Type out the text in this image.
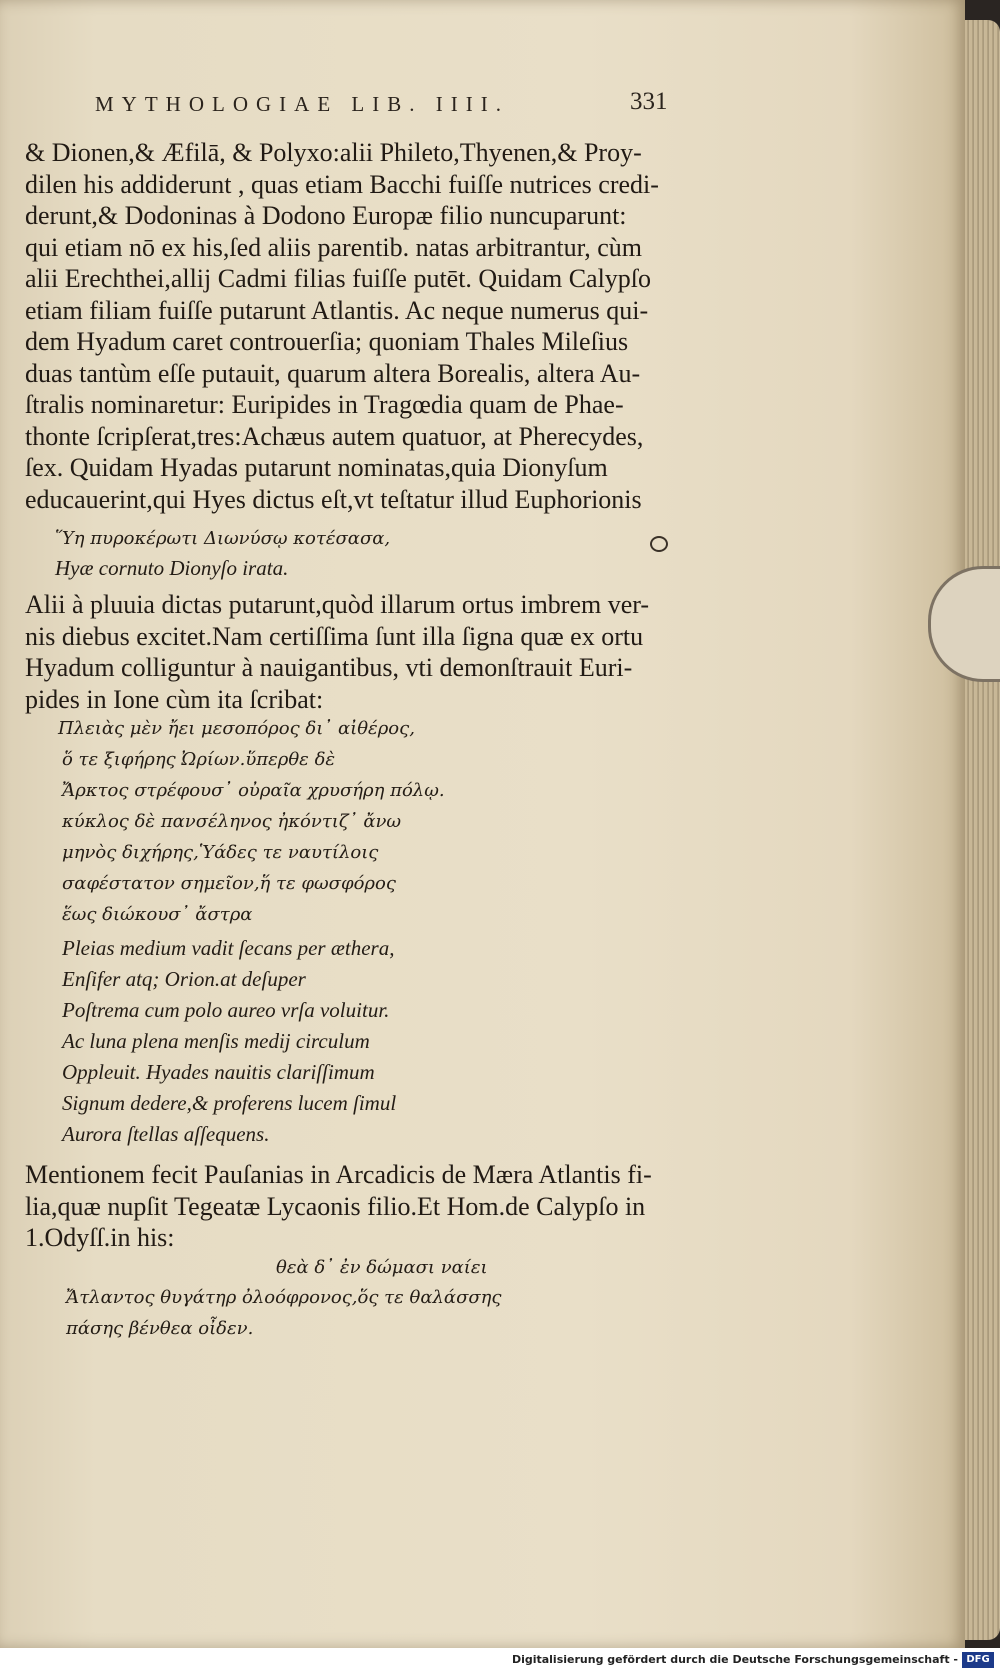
MYTHOLOGIAE LIB. IIII.	331
& Dionen,& Æfilā, & Polyxo:alii Phileto,Thyenen,& Proy-
dilen his addiderunt , quas etiam Bacchi fuiſſe nutrices credi-
derunt,& Dodoninas à Dodono Europæ filio nuncuparunt:
qui etiam nō ex his,ſed aliis parentib. natas arbitrantur, cùm
alii Erechthei,allij Cadmi filias fuiſſe putēt. Quidam Calypſo
etiam filiam fuiſſe putarunt Atlantis. Ac neque numerus qui-
dem Hyadum caret controuerſia; quoniam Thales Mileſius
duas tantùm eſſe putauit, quarum altera Borealis, altera Au-
ſtralis nominaretur: Euripides in Tragœdia quam de Phae-
thonte ſcripſerat,tres:Achæus autem quatuor, at Pherecydes,
ſex. Quidam Hyadas putarunt nominatas,quia Dionyſum
educauerint,qui Hyes dictus eſt,vt teſtatur illud Euphorionis
Ὕη πυροκέρωτι Διωνύσῳ κοτέσασα,
Hyæ cornuto Dionyſo irata.
Alii à pluuia dictas putarunt,quòd illarum ortus imbrem ver-
nis diebus excitet.Nam certiſſima ſunt illa ſigna quæ ex ortu
Hyadum colliguntur à nauigantibus, vti demonſtrauit Euri-
pides in Ione cùm ita ſcribat:
Πλειὰς μὲν ἤει μεσοπόρος δι᾽ αἰθέρος,
ὅ τε ξιφήρης Ὠρίων.ὕπερθε δὲ
Ἄρκτος στρέφουσ᾽ οὐραῖα χρυσήρη πόλῳ.
κύκλος δὲ πανσέληνος ἠκόντιζ᾽ ἄνω
μηνὸς διχήρης,Ὑάδες τε ναυτίλοις
σαφέστατον σημεῖον,ἥ τε φωσφόρος
ἕως διώκουσ᾽ ἄστρα
Pleias medium vadit ſecans per æthera,
Enſifer atq; Orion.at deſuper
Poſtrema cum polo aureo vrſa voluitur.
Ac luna plena menſis medij circulum
Oppleuit. Hyades nauitis clariſſimum
Signum dedere,& proferens lucem ſimul
Aurora ſtellas aſſequens.
Mentionem fecit Pauſanias in Arcadicis de Mæra Atlantis fi-
lia,quæ nupſit Tegeatæ Lycaonis filio.Et Hom.de Calypſo in
1.Odyſſ.in his:
θεὰ δ᾽ ἐν δώμασι ναίει
Ἄτλαντος θυγάτηρ ὀλοόφρονος,ὅς τε θαλάσσης
πάσης βένθεα οἶδεν.
Digitalisierung gefördert durch die Deutsche Forschungsgemeinschaft - DFG
